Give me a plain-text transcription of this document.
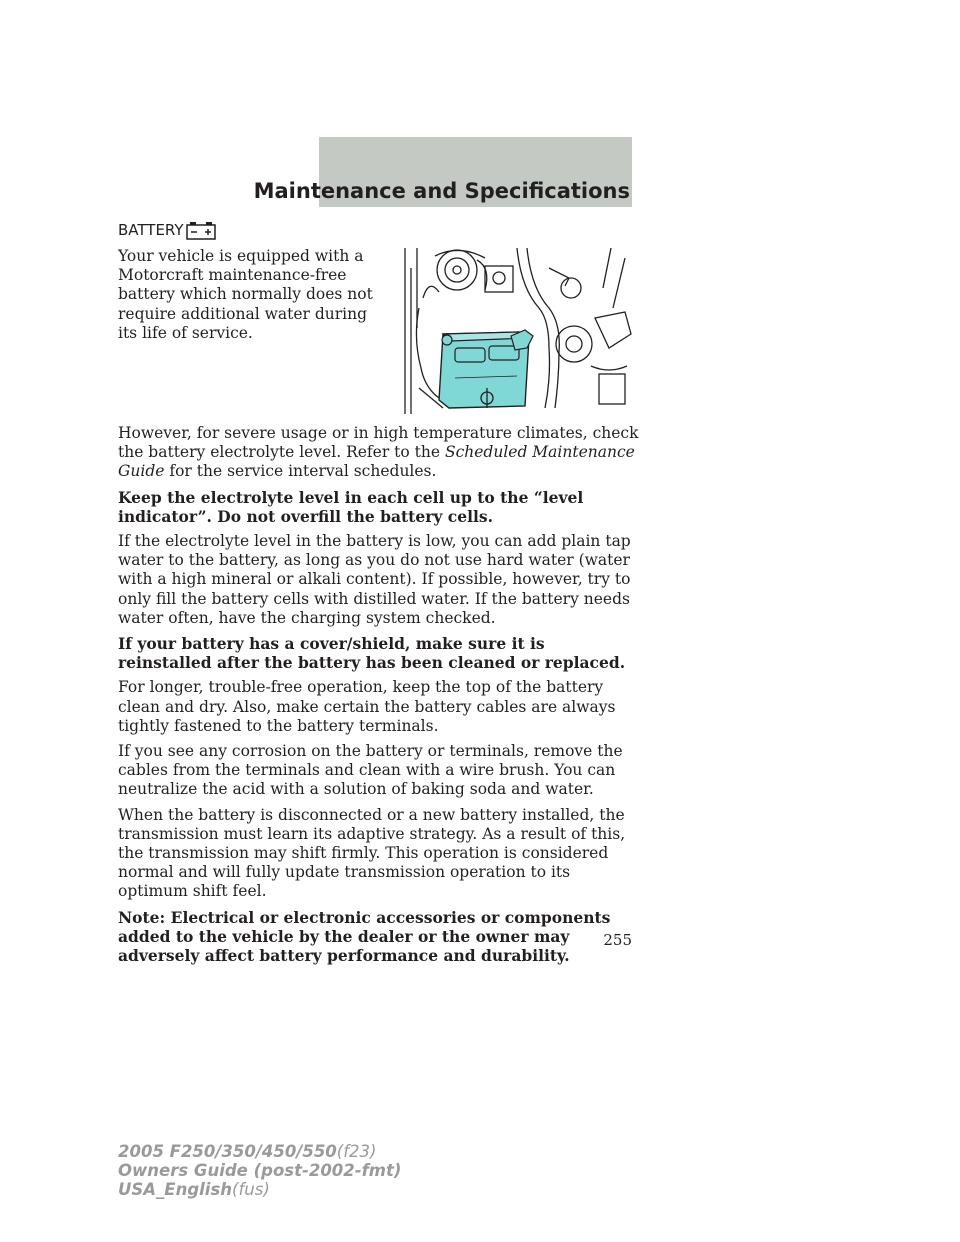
Maintenance and Specifications
BATTERY
Your vehicle is equipped with a Motorcraft maintenance-free battery which normally does not require additional water during its life of service.

However, for severe usage or in high temperature climates, check the battery electrolyte level. Refer to the Scheduled Maintenance Guide for the service interval schedules.

Keep the electrolyte level in each cell up to the “level indicator”. Do not overfill the battery cells.

If the electrolyte level in the battery is low, you can add plain tap water to the battery, as long as you do not use hard water (water with a high mineral or alkali content). If possible, however, try to only fill the battery cells with distilled water. If the battery needs water often, have the charging system checked.

If your battery has a cover/shield, make sure it is reinstalled after the battery has been cleaned or replaced.

For longer, trouble-free operation, keep the top of the battery clean and dry. Also, make certain the battery cables are always tightly fastened to the battery terminals.

If you see any corrosion on the battery or terminals, remove the cables from the terminals and clean with a wire brush. You can neutralize the acid with a solution of baking soda and water.

When the battery is disconnected or a new battery installed, the transmission must learn its adaptive strategy. As a result of this, the transmission may shift firmly. This operation is considered normal and will fully update transmission operation to its optimum shift feel.

Note: Electrical or electronic accessories or components added to the vehicle by the dealer or the owner may adversely affect battery performance and durability.

255
2005 F250/350/450/550(f23)
Owners Guide (post-2002-fmt)
USA_English(fus)
